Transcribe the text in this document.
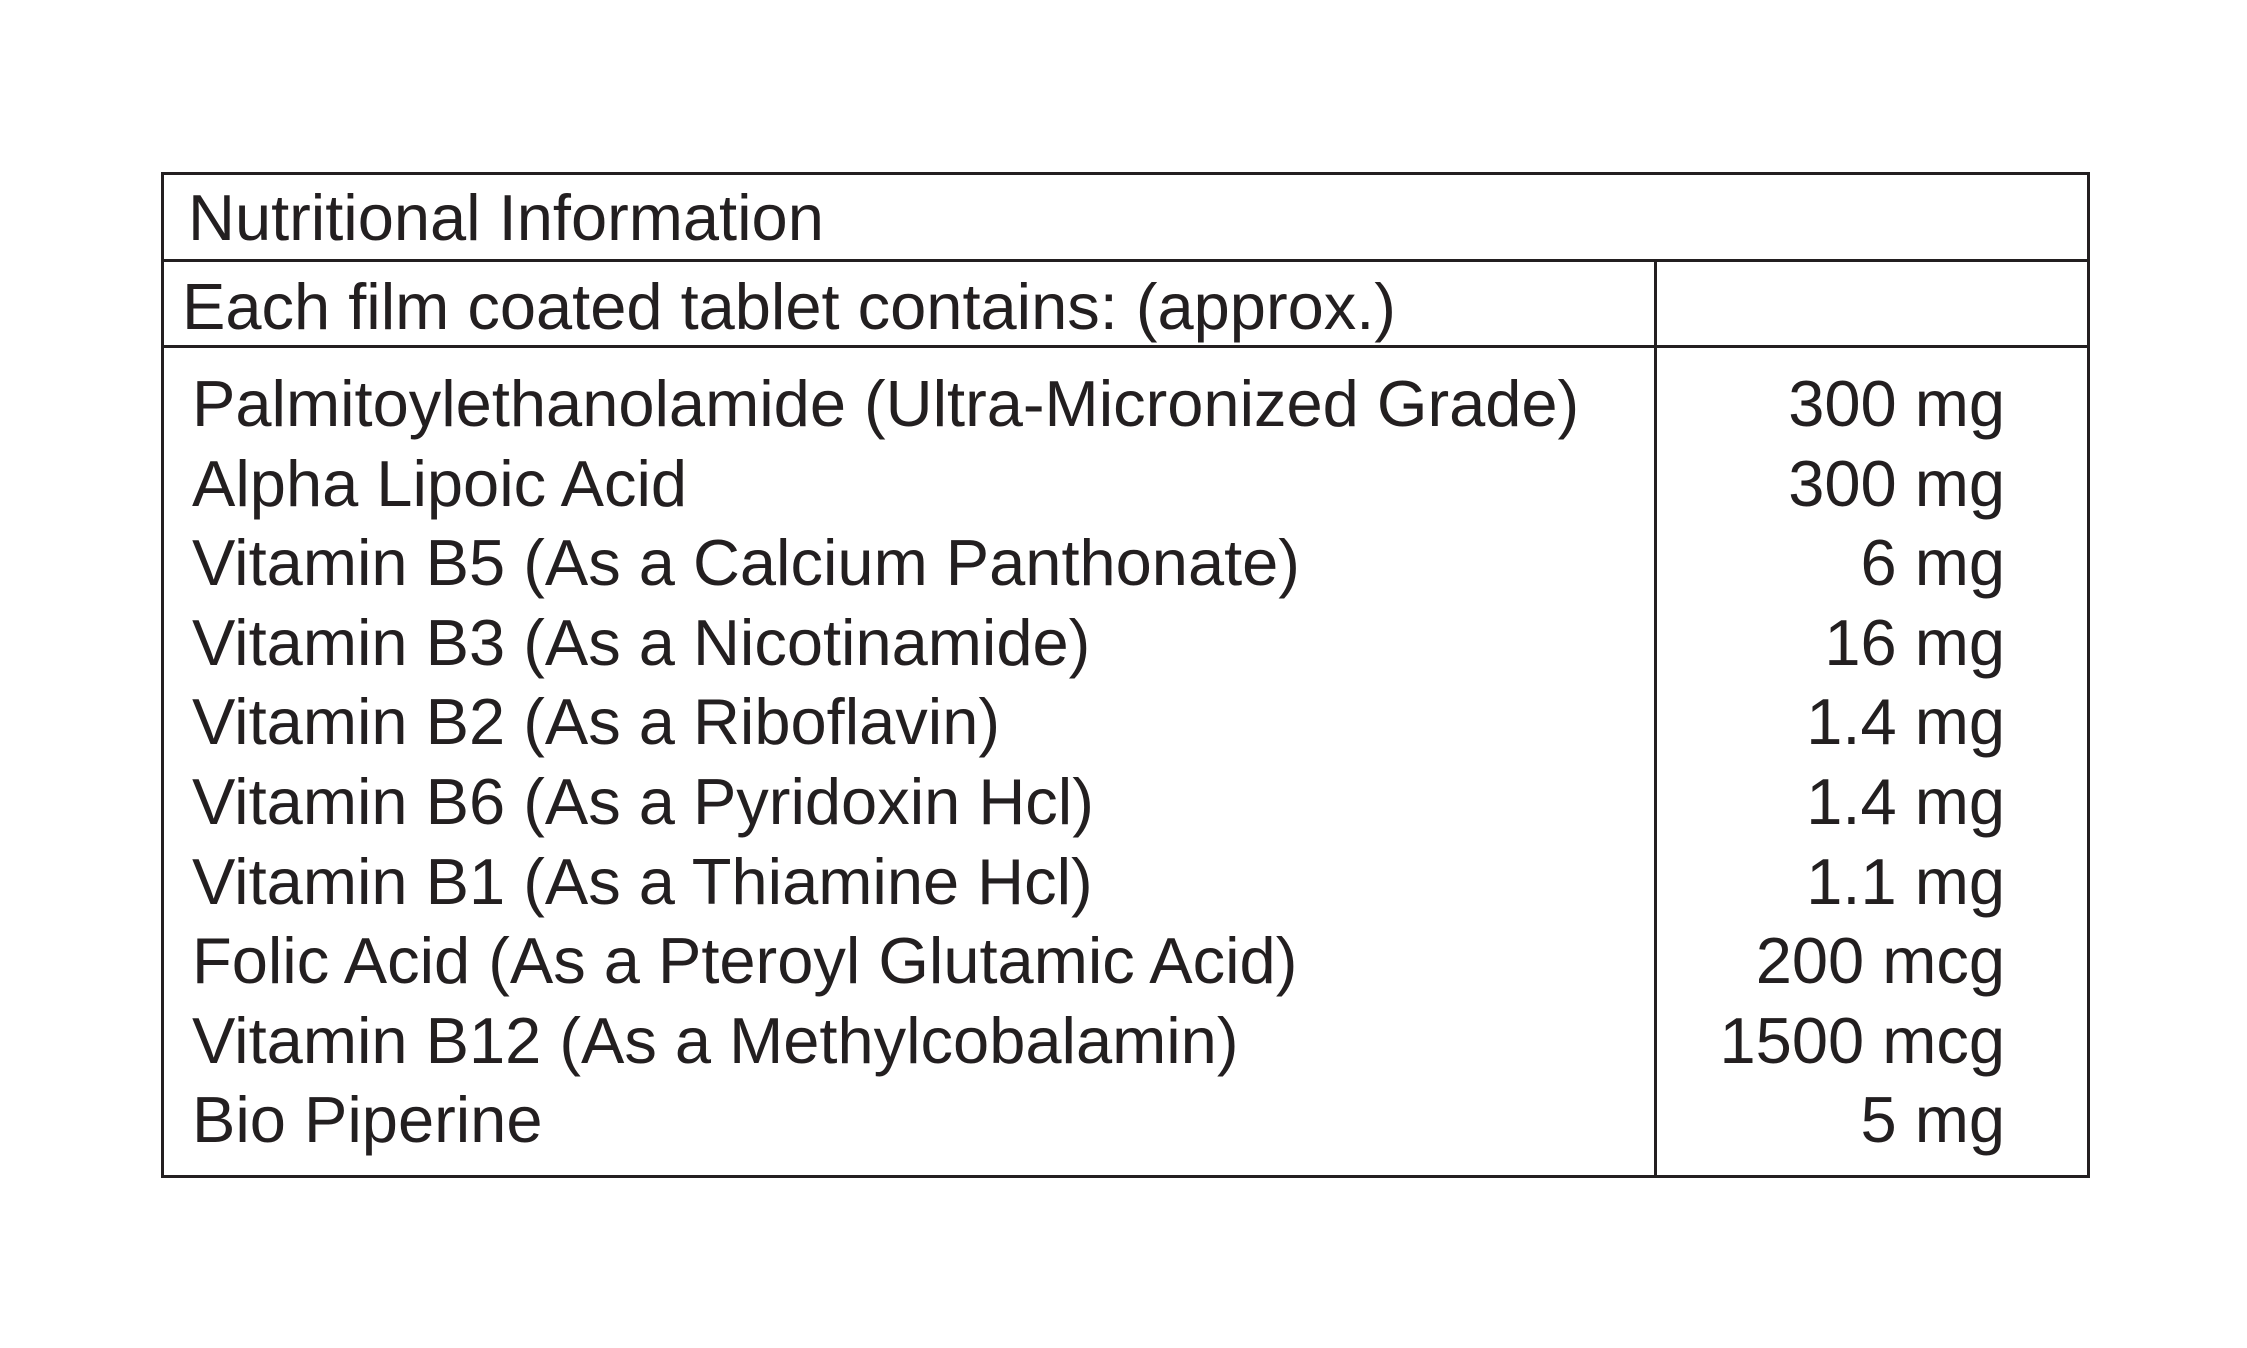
Nutritional Information
Each film coated tablet contains: (approx.)
Palmitoylethanolamide (Ultra-Micronized Grade)	300 mg
Alpha Lipoic Acid	300 mg
Vitamin B5 (As a Calcium Panthonate)	6 mg
Vitamin B3 (As a Nicotinamide)	16 mg
Vitamin B2 (As a Riboflavin)	1.4 mg
Vitamin B6 (As a Pyridoxin Hcl)	1.4 mg
Vitamin B1 (As a Thiamine Hcl)	1.1 mg
Folic Acid (As a Pteroyl Glutamic Acid)	200 mcg
Vitamin B12 (As a Methylcobalamin)	1500 mcg
Bio Piperine	5 mg
